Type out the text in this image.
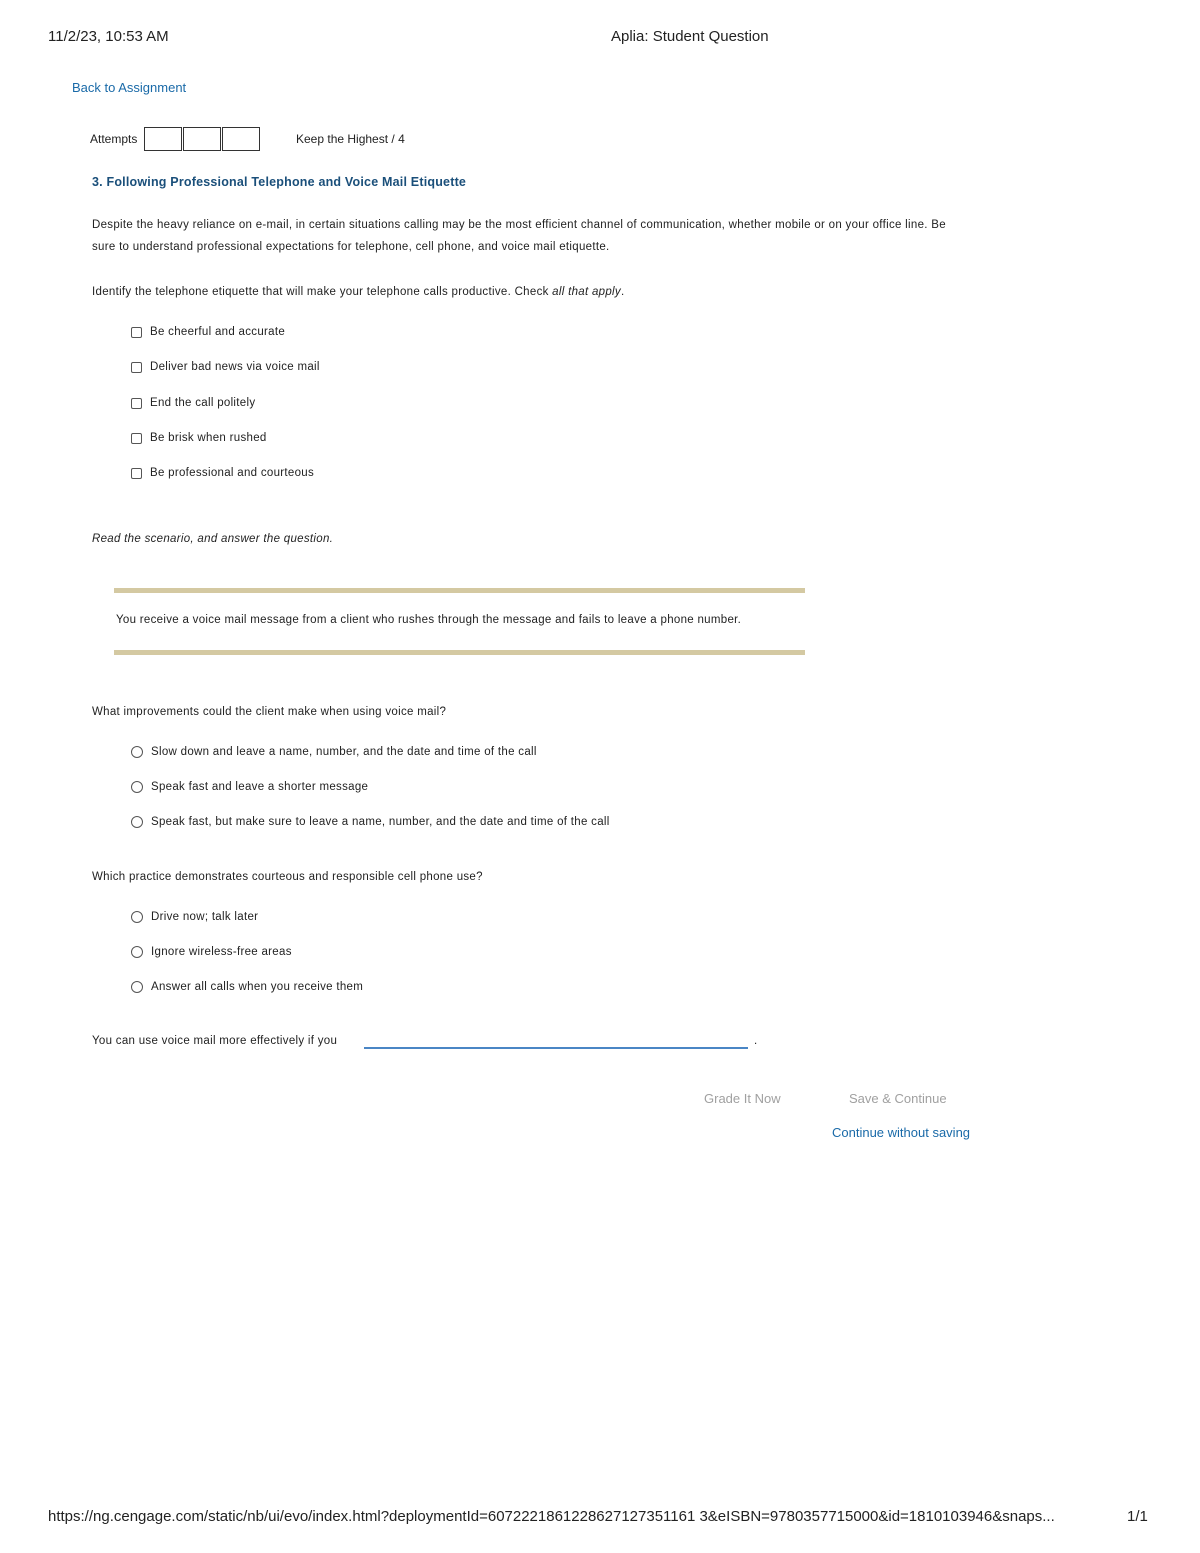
11/2/23, 10:53 AM	Aplia: Student Question
Back to Assignment
Attempts	Keep the Highest / 4
3. Following Professional Telephone and Voice Mail Etiquette
Despite the heavy reliance on e-mail, in certain situations calling may be the most efficient channel of communication, whether mobile or on your office line. Be sure to understand professional expectations for telephone, cell phone, and voice mail etiquette.
Identify the telephone etiquette that will make your telephone calls productive. Check all that apply.
Be cheerful and accurate
Deliver bad news via voice mail
End the call politely
Be brisk when rushed
Be professional and courteous
Read the scenario, and answer the question.
You receive a voice mail message from a client who rushes through the message and fails to leave a phone number.
What improvements could the client make when using voice mail?
Slow down and leave a name, number, and the date and time of the call
Speak fast and leave a shorter message
Speak fast, but make sure to leave a name, number, and the date and time of the call
Which practice demonstrates courteous and responsible cell phone use?
Drive now; talk later
Ignore wireless-free areas
Answer all calls when you receive them
You can use voice mail more effectively if you	.
Grade It Now	Save & Continue
Continue without saving
https://ng.cengage.com/static/nb/ui/evo/index.html?deploymentId=6072221861228627127351161 3&eISBN=9780357715000&id=1810103946&snaps...	1/1
